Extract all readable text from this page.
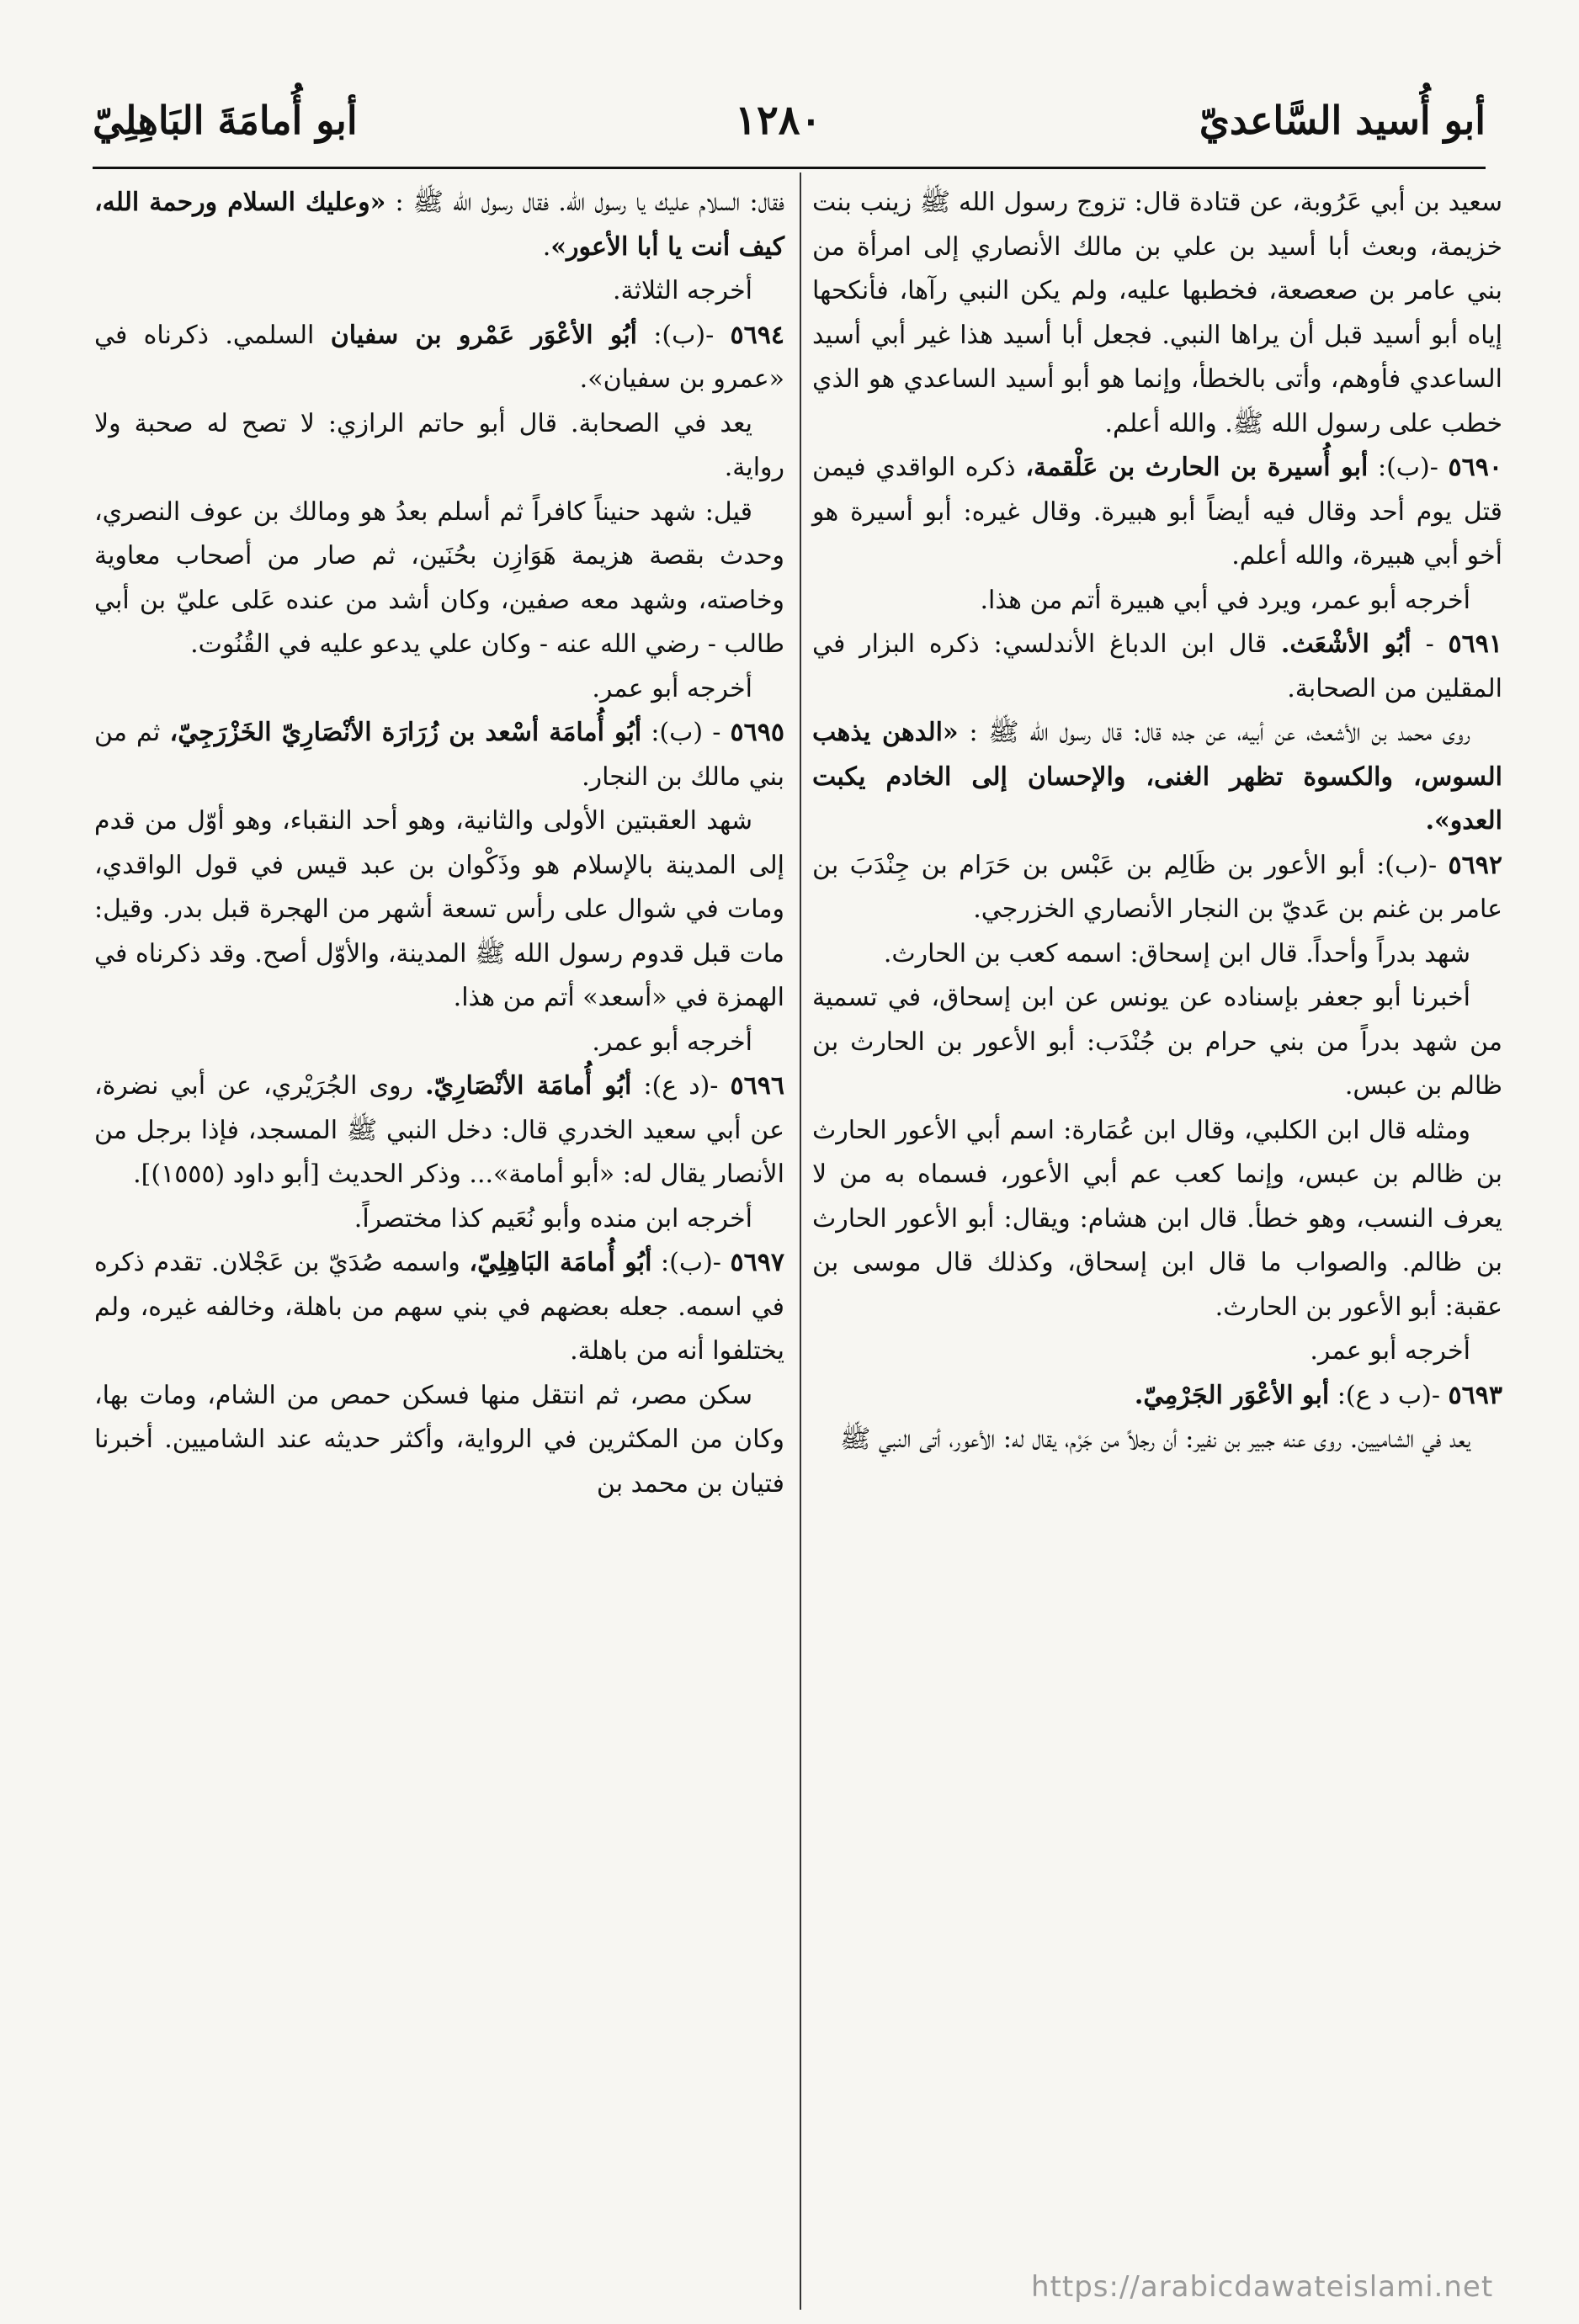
أبو أُسيد السَّاعديّ
١٢٨٠
أبو أُمامَةَ البَاهِلِيّ

سعيد بن أبي عَرُوبة، عن قتادة قال: تزوج رسول الله ﷺ زينب بنت خزيمة، وبعث أبا أسيد بن علي بن مالك الأنصاري إلى امرأة من بني عامر بن صعصعة، فخطبها عليه، ولم يكن النبي رآها، فأنكحها إياه أبو أسيد قبل أن يراها النبي. فجعل أبا أسيد هذا غير أبي أسيد الساعدي فأوهم، وأتى بالخطأ، وإنما هو أبو أسيد الساعدي هو الذي خطب على رسول الله ﷺ. والله أعلم.

٥٦٩٠ -(ب): أبو أُسيرة بن الحارث بن عَلْقمة، ذكره الواقدي فيمن قتل يوم أحد وقال فيه أيضاً أبو هبيرة. وقال غيره: أبو أسيرة هو أخو أبي هبيرة، والله أعلم.

أخرجه أبو عمر، ويرد في أبي هبيرة أتم من هذا.

٥٦٩١ - أبُو الأشْعَث. قال ابن الدباغ الأندلسي: ذكره البزار في المقلين من الصحابة.

روى محمد بن الأشعث، عن أبيه، عن جده قال: قال رسول الله ﷺ : «الدهن يذهب السوس، والكسوة تظهر الغنى، والإحسان إلى الخادم يكبت العدو».

٥٦٩٢ -(ب): أبو الأعور بن ظَالِم بن عَبْس بن حَرَام بن جِنْدَبَ بن عامر بن غنم بن عَديّ بن النجار الأنصاري الخزرجي.

شهد بدراً وأحداً. قال ابن إسحاق: اسمه كعب بن الحارث.

أخبرنا أبو جعفر بإسناده عن يونس عن ابن إسحاق، في تسمية من شهد بدراً من بني حرام بن جُنْدَب: أبو الأعور بن الحارث بن ظالم بن عبس.

ومثله قال ابن الكلبي، وقال ابن عُمَارة: اسم أبي الأعور الحارث بن ظالم بن عبس، وإنما كعب عم أبي الأعور، فسماه به من لا يعرف النسب، وهو خطأ. قال ابن هشام: ويقال: أبو الأعور الحارث بن ظالم. والصواب ما قال ابن إسحاق، وكذلك قال موسى بن عقبة: أبو الأعور بن الحارث.

أخرجه أبو عمر.

٥٦٩٣ -(ب د ع): أبو الأعْوَر الجَرْمِيّ.

يعد في الشاميين. روى عنه جبير بن نفير: أن رجلاً من جَرْم، يقال له: الأعور، أتى النبي ﷺ

فقال: السلام عليك يا رسول الله. فقال رسول الله ﷺ : «وعليك السلام ورحمة الله، كيف أنت يا أبا الأعور».

أخرجه الثلاثة.

٥٦٩٤ -(ب): أبُو الأعْوَر عَمْرو بن سفيان السلمي. ذكرناه في «عمرو بن سفيان».

يعد في الصحابة. قال أبو حاتم الرازي: لا تصح له صحبة ولا رواية.

قيل: شهد حنيناً كافراً ثم أسلم بعدُ هو ومالك بن عوف النصري، وحدث بقصة هزيمة هَوَازِن بحُنَين، ثم صار من أصحاب معاوية وخاصته، وشهد معه صفين، وكان أشد من عنده عَلى عليّ بن أبي طالب - رضي الله عنه - وكان علي يدعو عليه في القُنُوت.

أخرجه أبو عمر.

٥٦٩٥ - (ب): أبُو أُمامَة أسْعد بن زُرَارَة الأنْصَارِيّ الخَزْرَجِيّ، ثم من بني مالك بن النجار.

شهد العقبتين الأولى والثانية، وهو أحد النقباء، وهو أوّل من قدم إلى المدينة بالإسلام هو وذَكْوان بن عبد قيس في قول الواقدي، ومات في شوال على رأس تسعة أشهر من الهجرة قبل بدر. وقيل: مات قبل قدوم رسول الله ﷺ المدينة، والأوّل أصح. وقد ذكرناه في الهمزة في «أسعد» أتم من هذا.

أخرجه أبو عمر.

٥٦٩٦ -(د ع): أبُو أُمامَة الأنْصَارِيّ. روى الجُرَيْري، عن أبي نضرة، عن أبي سعيد الخدري قال: دخل النبي ﷺ المسجد، فإذا برجل من الأنصار يقال له: «أبو أمامة»... وذكر الحديث [أبو داود (١٥٥٥)].

أخرجه ابن منده وأبو نُعَيم كذا مختصراً.

٥٦٩٧ -(ب): أبُو أُمامَة البَاهِلِيّ، واسمه صُدَيّ بن عَجْلان. تقدم ذكره في اسمه. جعله بعضهم في بني سهم من باهلة، وخالفه غيره، ولم يختلفوا أنه من باهلة.

سكن مصر، ثم انتقل منها فسكن حمص من الشام، ومات بها، وكان من المكثرين في الرواية، وأكثر حديثه عند الشاميين. أخبرنا فتيان بن محمد بن

https://arabicdawateislami.net
